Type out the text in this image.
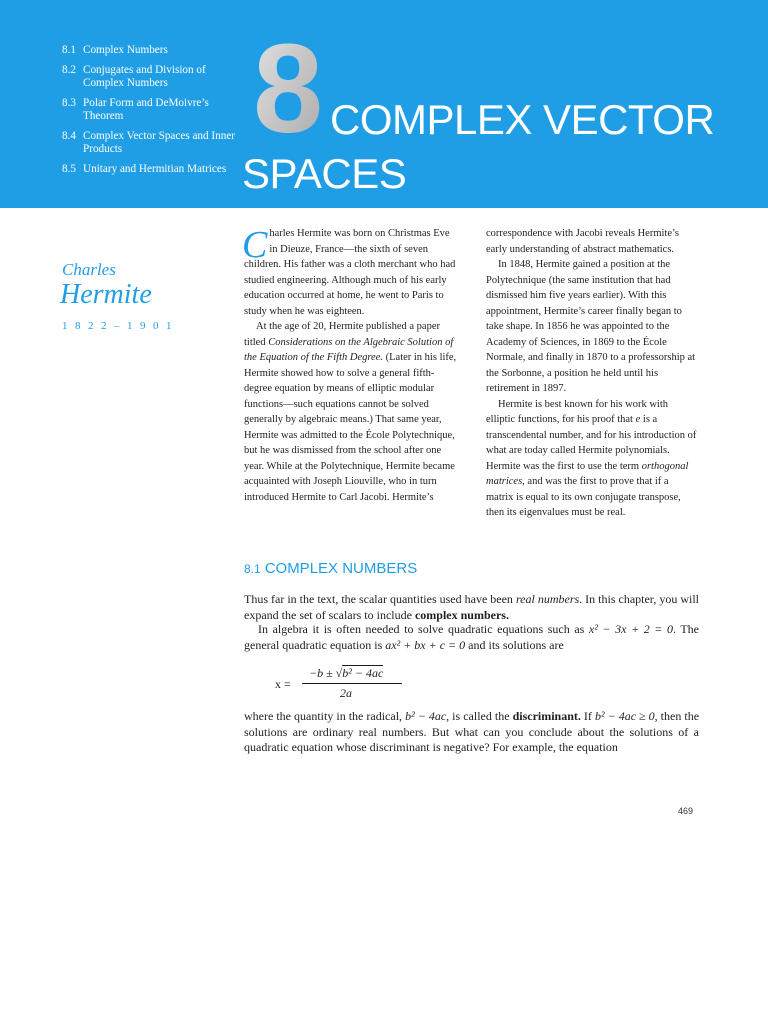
8.1 Complex Numbers
8.2 Conjugates and Division of Complex Numbers
8.3 Polar Form and DeMoivre’s Theorem
8.4 Complex Vector Spaces and Inner Products
8.5 Unitary and Hermitian Matrices
8 COMPLEX VECTOR
SPACES
Charles
Hermite
1822–1901

Charles Hermite was born on Christmas Eve in Dieuze, France—the sixth of seven children. His father was a cloth merchant who had studied engineering. Although much of his early education occurred at home, he went to Paris to study when he was eighteen.

At the age of 20, Hermite published a paper titled Considerations on the Algebraic Solution of the Equation of the Fifth Degree. (Later in his life, Hermite showed how to solve a general fifth-degree equation by means of elliptic modular functions—such equations cannot be solved generally by algebraic means.) That same year, Hermite was admitted to the École Polytechnique, but he was dismissed from the school after one year. While at the Polytechnique, Hermite became acquainted with Joseph Liouville, who in turn introduced Hermite to Carl Jacobi. Hermite’s

correspondence with Jacobi reveals Hermite’s early understanding of abstract mathematics.

In 1848, Hermite gained a position at the Polytechnique (the same institution that had dismissed him five years earlier). With this appointment, Hermite’s career finally began to take shape. In 1856 he was appointed to the Academy of Sciences, in 1869 to the École Normale, and finally in 1870 to a professorship at the Sorbonne, a position he held until his retirement in 1897.

Hermite is best known for his work with elliptic functions, for his proof that e is a transcendental number, and for his introduction of what are today called Hermite polynomials. Hermite was the first to use the term orthogonal matrices, and was the first to prove that if a matrix is equal to its own conjugate transpose, then its eigenvalues must be real.

8.1 COMPLEX NUMBERS

Thus far in the text, the scalar quantities used have been real numbers. In this chapter, you will expand the set of scalars to include complex numbers.

In algebra it is often needed to solve quadratic equations such as x² − 3x + 2 = 0. The general quadratic equation is ax² + bx + c = 0 and its solutions are

x =
−b ± √b² − 4ac
2a

where the quantity in the radical, b² − 4ac, is called the discriminant. If b² − 4ac ≥ 0, then the solutions are ordinary real numbers. But what can you conclude about the solutions of a quadratic equation whose discriminant is negative? For example, the equation

469
